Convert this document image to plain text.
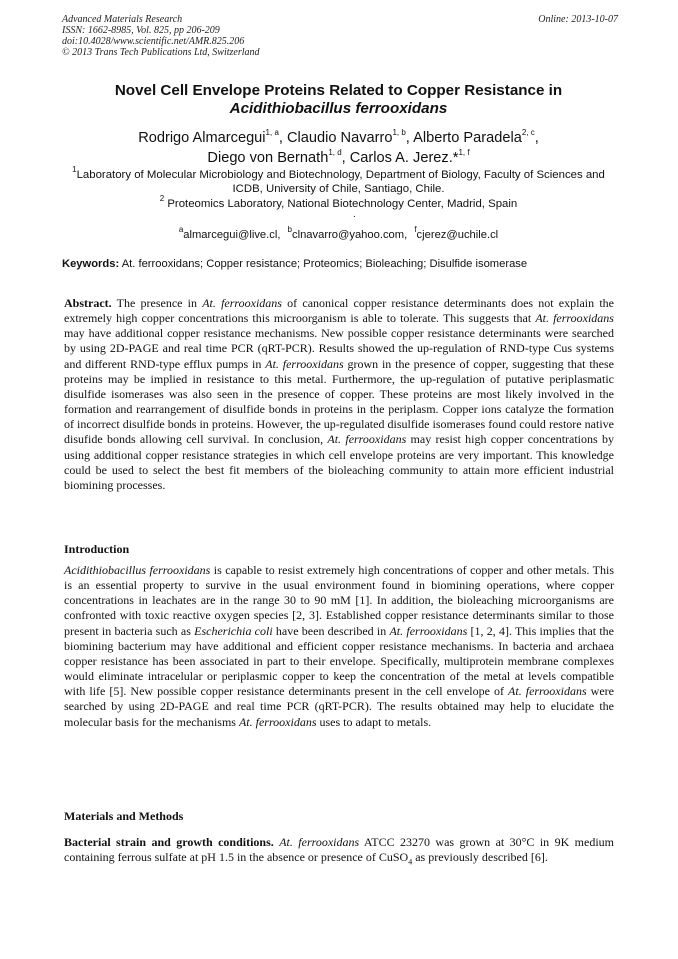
Advanced Materials Research
ISSN: 1662-8985, Vol. 825, pp 206-209
doi:10.4028/www.scientific.net/AMR.825.206
© 2013 Trans Tech Publications Ltd, Switzerland
Online: 2013-10-07
Novel Cell Envelope Proteins Related to Copper Resistance in
Acidithiobacillus ferrooxidans
Rodrigo Almarcegui$^{1, a}$, Claudio Navarro$^{1, b}$, Alberto Paradela$^{2, c}$,
Diego von Bernath$^{1, d}$, Carlos A. Jerez.*$^{1, f}$
$^1$Laboratory of Molecular Microbiology and Biotechnology, Department of Biology, Faculty of Sciences and ICDB, University of Chile, Santiago, Chile.
$^2$ Proteomics Laboratory, National Biotechnology Center, Madrid, Spain
.
$^a$almarcegui@live.cl, $^b$clnavarro@yahoo.com, $^f$cjerez@uchile.cl
Keywords: At. ferrooxidans; Copper resistance; Proteomics; Bioleaching; Disulfide isomerase
Abstract. The presence in At. ferrooxidans of canonical copper resistance determinants does not explain the extremely high copper concentrations this microorganism is able to tolerate. This suggests that At. ferrooxidans may have additional copper resistance mechanisms. New possible copper resistance determinants were searched by using 2D-PAGE and real time PCR (qRT-PCR). Results showed the up-regulation of RND-type Cus systems and different RND-type efflux pumps in At. ferrooxidans grown in the presence of copper, suggesting that these proteins may be implied in resistance to this metal. Furthermore, the up-regulation of putative periplasmatic disulfide isomerases was also seen in the presence of copper. These proteins are most likely involved in the formation and rearrangement of disulfide bonds in proteins in the periplasm. Copper ions catalyze the formation of incorrect disulfide bonds in proteins. However, the up-regulated disulfide isomerases found could restore native disufide bonds allowing cell survival. In conclusion, At. ferrooxidans may resist high copper concentrations by using additional copper resistance strategies in which cell envelope proteins are very important. This knowledge could be used to select the best fit members of the bioleaching community to attain more efficient industrial biomining processes.
Introduction
Acidithiobacillus ferrooxidans is capable to resist extremely high concentrations of copper and other metals. This is an essential property to survive in the usual environment found in biomining operations, where copper concentrations in leachates are in the range 30 to 90 mM [1]. In addition, the bioleaching microorganisms are confronted with toxic reactive oxygen species [2, 3]. Established copper resistance determinants similar to those present in bacteria such as Escherichia coli have been described in At. ferrooxidans [1, 2, 4]. This implies that the biomining bacterium may have additional and efficient copper resistance mechanisms. In bacteria and archaea copper resistance has been associated in part to their envelope. Specifically, multiprotein membrane complexes would eliminate intracelular or periplasmic copper to keep the concentration of the metal at levels compatible with life [5]. New possible copper resistance determinants present in the cell envelope of At. ferrooxidans were searched by using 2D-PAGE and real time PCR (qRT-PCR). The results obtained may help to elucidate the molecular basis for the mechanisms At. ferrooxidans uses to adapt to metals.
Materials and Methods
Bacterial strain and growth conditions. At. ferrooxidans ATCC 23270 was grown at 30°C in 9K medium containing ferrous sulfate at pH 1.5 in the absence or presence of CuSO$_4$ as previously described [6].
